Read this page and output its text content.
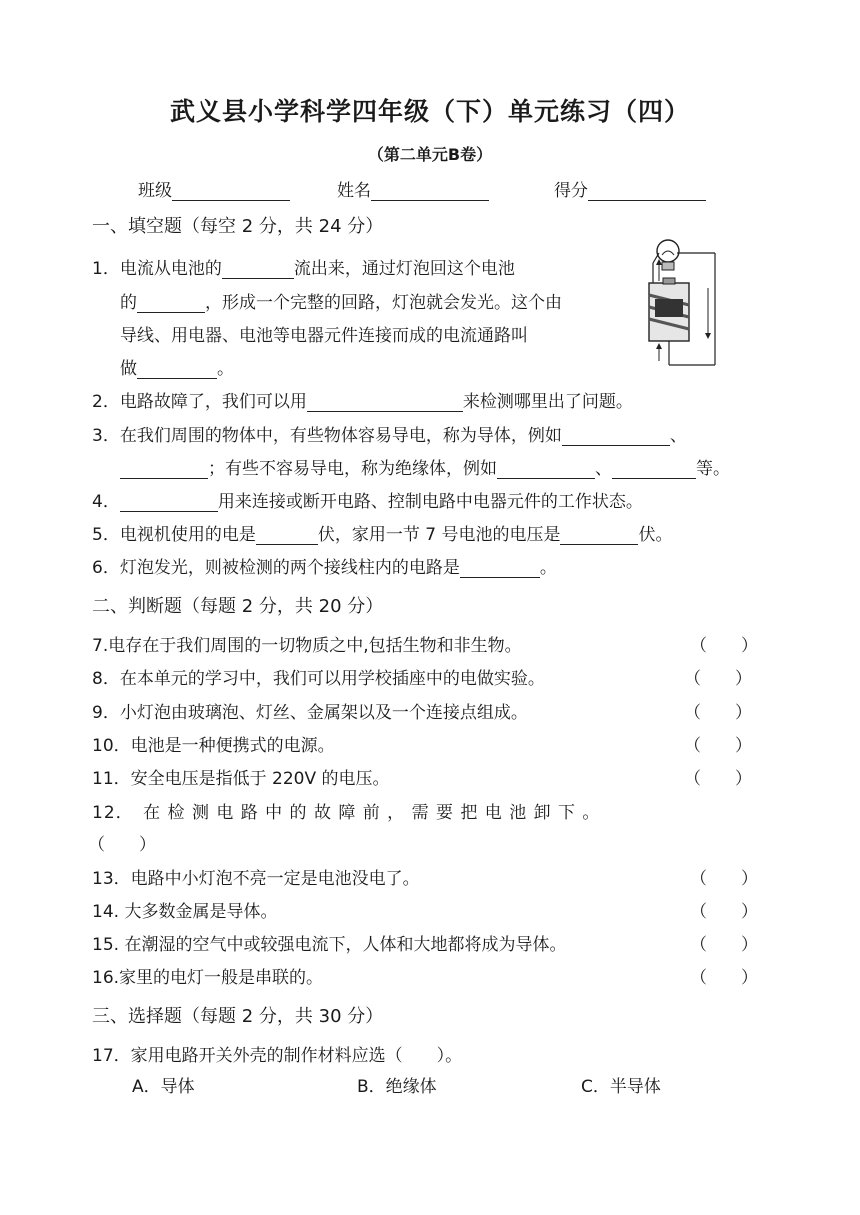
武义县小学科学四年级（下）单元练习（四）
（第二单元B卷）
班级	姓名	得分
一、填空题（每空 2 分，共 24 分）
1．电流从电池的	流出来，通过灯泡回这个电池
的	，形成一个完整的回路，灯泡就会发光。这个由
导线、用电器、电池等电器元件连接而成的电流通路叫
做	。
2．电路故障了，我们可以用	来检测哪里出了问题。
3．在我们周围的物体中，有些物体容易导电，称为导体，例如	、
；有些不容易导电，称为绝缘体，例如	、	等。
4．	用来连接或断开电路、控制电路中电器元件的工作状态。
5．电视机使用的电是	伏，家用一节 7 号电池的电压是	伏。
6．灯泡发光，则被检测的两个接线柱内的电路是	。
二、判断题（每题 2 分，共 20 分）
7.电存在于我们周围的一切物质之中,包括生物和非生物。	（　　）
8．在本单元的学习中，我们可以用学校插座中的电做实验。	（　　）
9．小灯泡由玻璃泡、灯丝、金属架以及一个连接点组成。	（　　）
10．电池是一种便携式的电源。	（　　）
11．安全电压是指低于 220V 的电压。	（　　）
12．　在 检 测 电 路 中 的 故 障 前 ， 需 要 把 电 池 卸 下 。
（　　）
13．电路中小灯泡不亮一定是电池没电了。	（　　）
14. 大多数金属是导体。	（　　）
15. 在潮湿的空气中或较强电流下，人体和大地都将成为导体。	（　　）
16.家里的电灯一般是串联的。	（　　）
三、选择题（每题 2 分，共 30 分）
17．家用电路开关外壳的制作材料应选（　　）。
A．导体	B．绝缘体	C．半导体
